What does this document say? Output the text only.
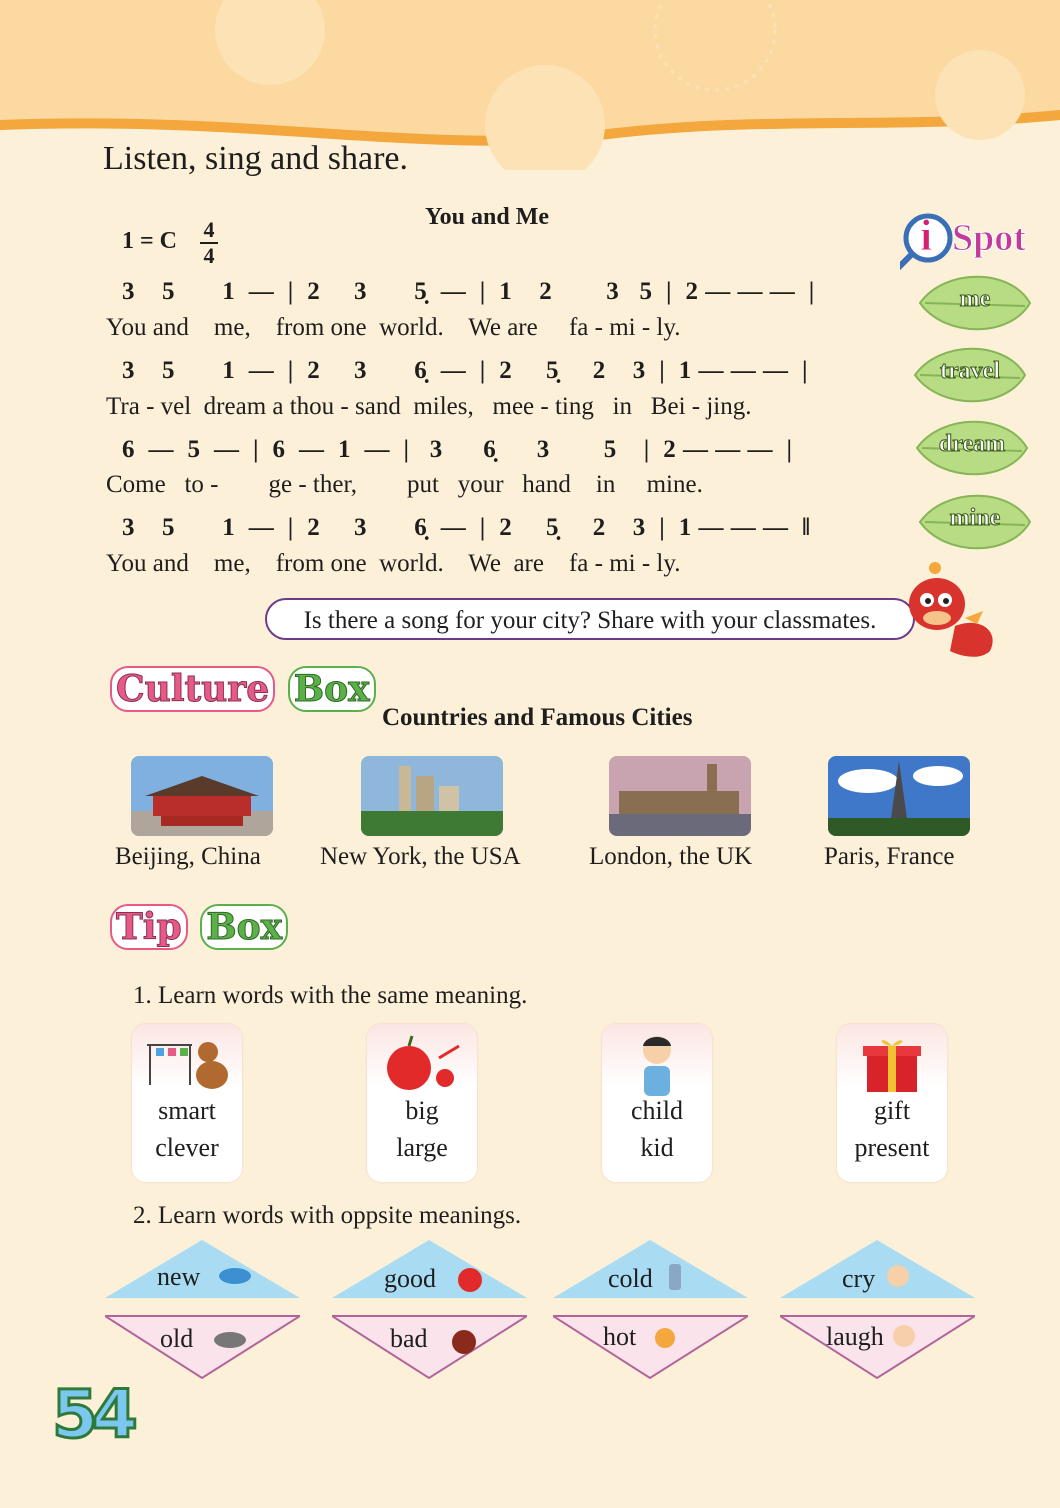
Listen, sing and share.
You and Me
1 = C 4
4
3    5       1  —  |  2     3       5̣  —  |  1    2        3   5  |  2 — — —  |
You and    me,    from one  world.    We are     fa - mi - ly.
3    5       1  —  |  2     3       6̣  —  |  2     5̣     2    3  |  1 — — —  |
Tra - vel  dream a thou - sand  miles,   mee - ting   in   Bei - jing.
6  —  5  —  |  6  —  1  —  |   3      6̣      3        5    |  2 — — —  |
Come   to -        ge - ther,        put   your   hand    in     mine.
3    5       1  —  |  2     3       6̣  —  |  2     5̣     2    3  |  1 — — —  ‖
You and    me,    from one  world.    We  are    fa - mi - ly.
i Spot
me
travel
dream
mine
Is there a song for your city? Share with your classmates.
Culture Box
Countries and Famous Cities
Beijing, China New York, the USA	London, the UK	Paris, France
Tip Box
1. Learn words with the same meaning.
smart
clever
big
large
child
kid
gift
present
2. Learn words with oppsite meanings.
new
old
good
bad
cold
hot
cry
laugh
54
